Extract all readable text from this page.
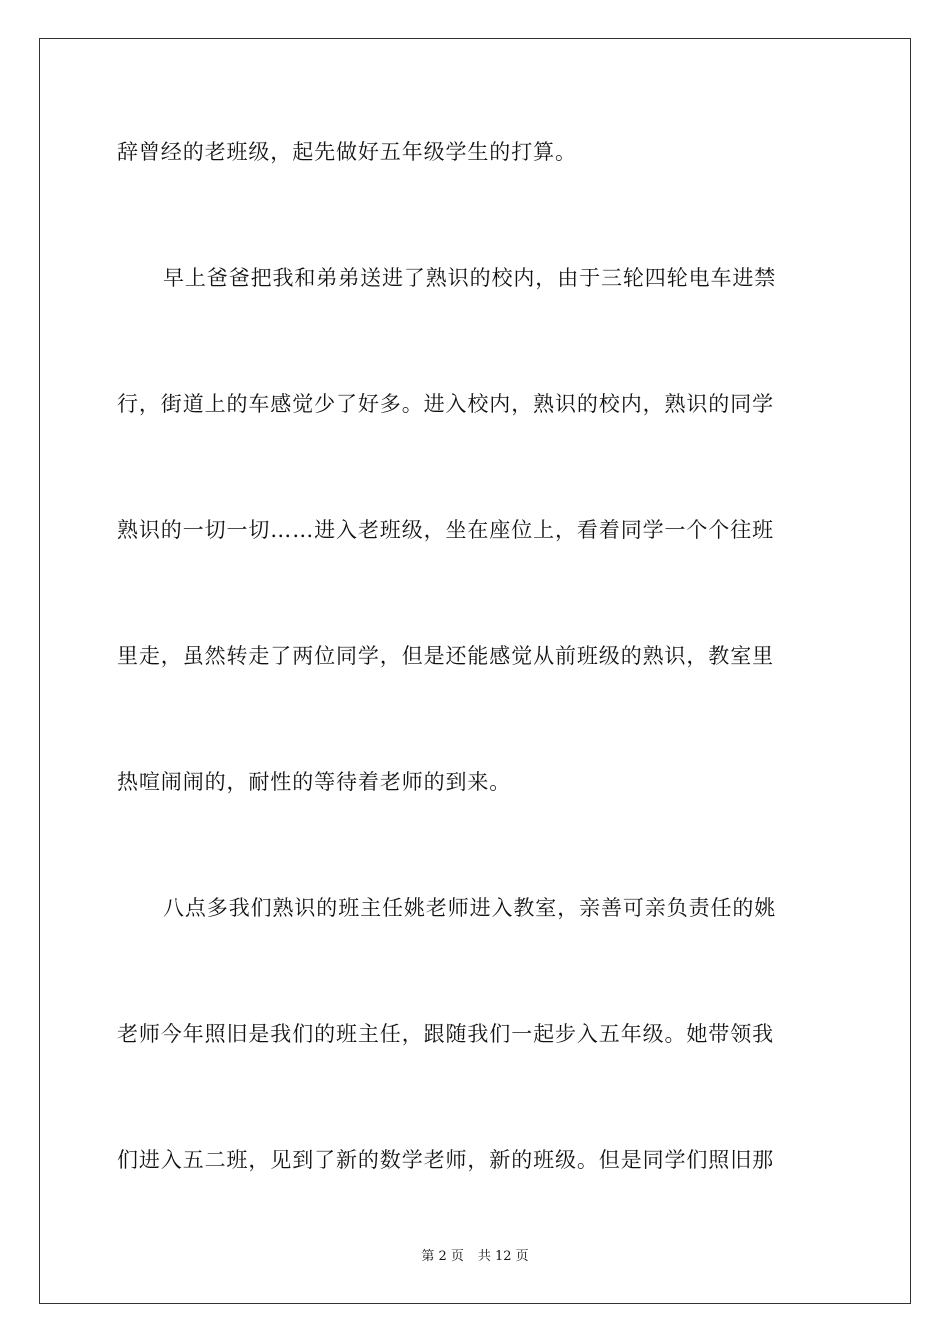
辞曾经的老班级，起先做好五年级学生的打算。
早上爸爸把我和弟弟送进了熟识的校内，由于三轮四轮电车进禁
行，街道上的车感觉少了好多。进入校内，熟识的校内，熟识的同学
熟识的一切一切……进入老班级，坐在座位上，看着同学一个个往班
里走，虽然转走了两位同学，但是还能感觉从前班级的熟识，教室里
热喧闹闹的，耐性的等待着老师的到来。
八点多我们熟识的班主任姚老师进入教室，亲善可亲负责任的姚
老师今年照旧是我们的班主任，跟随我们一起步入五年级。她带领我
们进入五二班，见到了新的数学老师，新的班级。但是同学们照旧那
第 2 页 共 12 页
